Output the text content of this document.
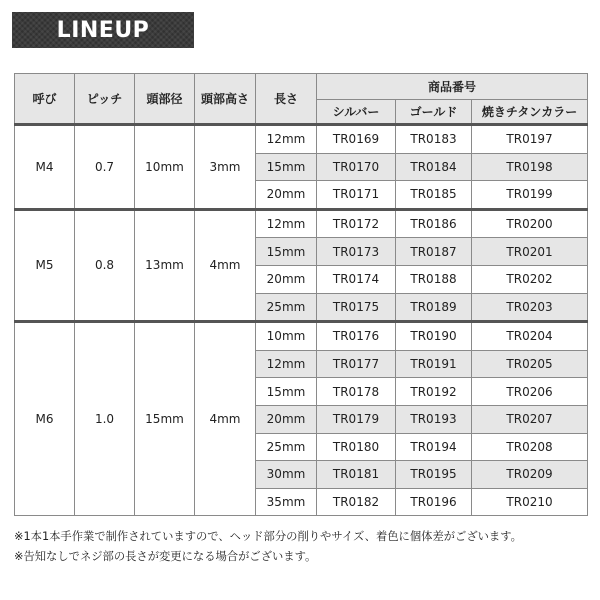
LINEUP
呼び	ピッチ	頭部径	頭部高さ	長さ	商品番号		
					シルバー	ゴールド	焼きチタンカラー
M4	0.7	10mm	3mm	12mm	TR0169	TR0183	TR0197
				15mm	TR0170	TR0184	TR0198
				20mm	TR0171	TR0185	TR0199
M5	0.8	13mm	4mm	12mm	TR0172	TR0186	TR0200
				15mm	TR0173	TR0187	TR0201
				20mm	TR0174	TR0188	TR0202
				25mm	TR0175	TR0189	TR0203
M6	1.0	15mm	4mm	10mm	TR0176	TR0190	TR0204
				12mm	TR0177	TR0191	TR0205
				15mm	TR0178	TR0192	TR0206
				20mm	TR0179	TR0193	TR0207
				25mm	TR0180	TR0194	TR0208
				30mm	TR0181	TR0195	TR0209
				35mm	TR0182	TR0196	TR0210
※1本1本手作業で制作されていますので、ヘッド部分の削りやサイズ、着色に個体差がございます。
※告知なしでネジ部の長さが変更になる場合がございます。
